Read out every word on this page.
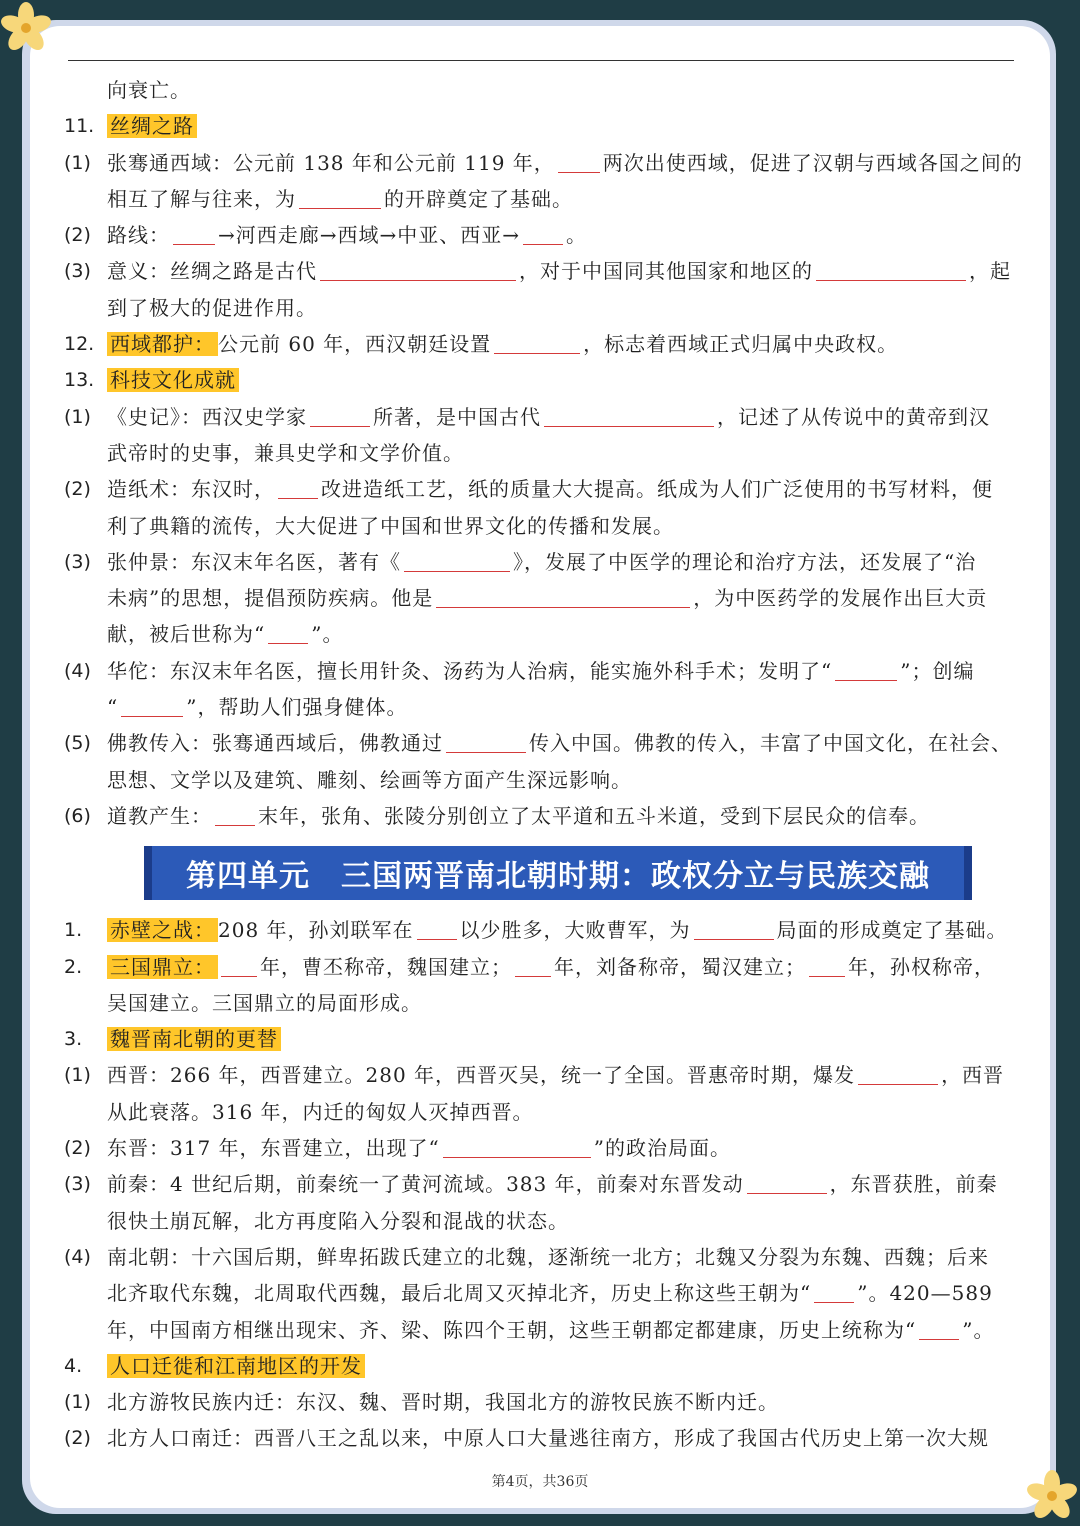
向衰亡。
11. 丝绸之路
(1) 张骞通西域：公元前 138 年和公元前 119 年， 两次出使西域，促进了汉朝与西域各国之间的
相互了解与往来，为	的开辟奠定了基础。
(2) 路线： →河西走廊→西域→中亚、西亚→ 。
(3) 意义：丝绸之路是古代	，对于中国同其他国家和地区的	，起
到了极大的促进作用。
12. 西域都护： 公元前 60 年，西汉朝廷设置	，标志着西域正式归属中央政权。
13. 科技文化成就
(1) 《史记》：西汉史学家	所著，是中国古代	，记述了从传说中的黄帝到汉
武帝时的史事，兼具史学和文学价值。
(2) 造纸术：东汉时， 改进造纸工艺，纸的质量大大提高。纸成为人们广泛使用的书写材料，便
利了典籍的流传，大大促进了中国和世界文化的传播和发展。
(3) 张仲景：东汉末年名医，著有《	》，发展了中医学的理论和治疗方法，还发展了“治
未病”的思想，提倡预防疾病。他是	，为中医药学的发展作出巨大贡
献，被后世称为“ ”。
(4) 华佗：东汉末年名医，擅长用针灸、汤药为人治病，能实施外科手术；发明了“	”；创编
“	”，帮助人们强身健体。
(5) 佛教传入：张骞通西域后，佛教通过	传入中国。佛教的传入，丰富了中国文化，在社会、
思想、文学以及建筑、雕刻、绘画等方面产生深远影响。
(6) 道教产生： 末年，张角、张陵分别创立了太平道和五斗米道，受到下层民众的信奉。
第四单元　三国两晋南北朝时期：政权分立与民族交融
1. 赤壁之战： 208 年，孙刘联军在 以少胜多，大败曹军，为	局面的形成奠定了基础。
2. 三国鼎立： 年，曹丕称帝，魏国建立； 年，刘备称帝，蜀汉建立； 年，孙权称帝，
吴国建立。三国鼎立的局面形成。
3. 魏晋南北朝的更替
(1) 西晋：266 年，西晋建立。280 年，西晋灭吴，统一了全国。晋惠帝时期，爆发	，西晋
从此衰落。316 年，内迁的匈奴人灭掉西晋。
(2) 东晋：317 年，东晋建立，出现了“	”的政治局面。
(3) 前秦：4 世纪后期，前秦统一了黄河流域。383 年，前秦对东晋发动	，东晋获胜，前秦
很快土崩瓦解，北方再度陷入分裂和混战的状态。
(4) 南北朝：十六国后期，鲜卑拓跋氏建立的北魏，逐渐统一北方；北魏又分裂为东魏、西魏；后来
北齐取代东魏，北周取代西魏，最后北周又灭掉北齐，历史上称这些王朝为“ ”。420—589
年，中国南方相继出现宋、齐、梁、陈四个王朝，这些王朝都定都建康，历史上统称为“ ”。
4. 人口迁徙和江南地区的开发
(1) 北方游牧民族内迁：东汉、魏、晋时期，我国北方的游牧民族不断内迁。
(2) 北方人口南迁：西晋八王之乱以来，中原人口大量逃往南方，形成了我国古代历史上第一次大规
第4页，共36页
